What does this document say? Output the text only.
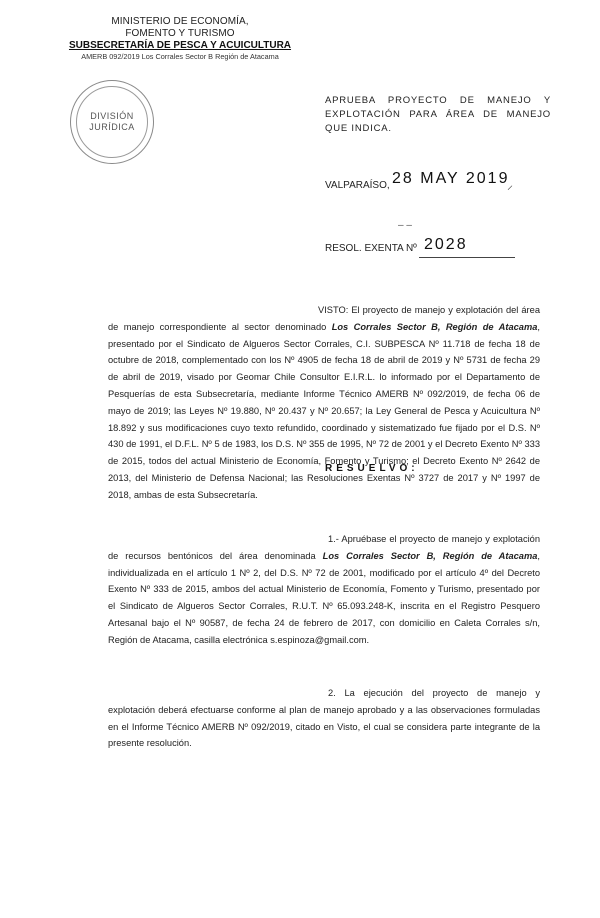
MINISTERIO DE ECONOMÍA,
FOMENTO Y TURISMO
SUBSECRETARÍA DE PESCA Y ACUICULTURA
AMERB 092/2019 Los Corrales Sector B Región de Atacama
DIVISIÓN
JURÍDICA
APRUEBA PROYECTO DE MANEJO Y EXPLOTACIÓN PARA ÁREA DE MANEJO QUE INDICA.
VALPARAÍSO, 28 MAY 2019
⸝
– –
RESOL. EXENTA Nº 2028
VISTO: El proyecto de manejo y explotación del área de manejo correspondiente al sector denominado Los Corrales Sector B, Región de Atacama, presentado por el Sindicato de Algueros Sector Corrales, C.I. SUBPESCA Nº 11.718 de fecha 18 de octubre de 2018, complementado con los Nº 4905 de fecha 18 de abril de 2019 y Nº 5731 de fecha 29 de abril de 2019, visado por Geomar Chile Consultor E.I.R.L. lo informado por el Departamento de Pesquerías de esta Subsecretaría, mediante Informe Técnico AMERB Nº 092/2019, de fecha 06 de mayo de 2019; las Leyes Nº 19.880, Nº 20.437 y Nº 20.657; la Ley General de Pesca y Acuicultura Nº 18.892 y sus modificaciones cuyo texto refundido, coordinado y sistematizado fue fijado por el D.S. Nº 430 de 1991, el D.F.L. Nº 5 de 1983, los D.S. Nº 355 de 1995, Nº 72 de 2001 y el Decreto Exento Nº 333 de 2015, todos del actual Ministerio de Economía, Fomento y Turismo; el Decreto Exento Nº 2642 de 2013, del Ministerio de Defensa Nacional; las Resoluciones Exentas Nº 3727 de 2017 y Nº 1997 de 2018, ambas de esta Subsecretaría.
RESUELVO:
1.- Apruébase el proyecto de manejo y explotación de recursos bentónicos del área denominada Los Corrales Sector B, Región de Atacama, individualizada en el artículo 1 Nº 2, del D.S. Nº 72 de 2001, modificado por el artículo 4º del Decreto Exento Nº 333 de 2015, ambos del actual Ministerio de Economía, Fomento y Turismo, presentado por el Sindicato de Algueros Sector Corrales, R.U.T. Nº 65.093.248-K, inscrita en el Registro Pesquero Artesanal bajo el Nº 90587, de fecha 24 de febrero de 2017, con domicilio en Caleta Corrales s/n, Región de Atacama, casilla electrónica s.espinoza@gmail.com.
2. La ejecución del proyecto de manejo y explotación deberá efectuarse conforme al plan de manejo aprobado y a las observaciones formuladas en el Informe Técnico AMERB Nº 092/2019, citado en Visto, el cual se considera parte integrante de la presente resolución.
